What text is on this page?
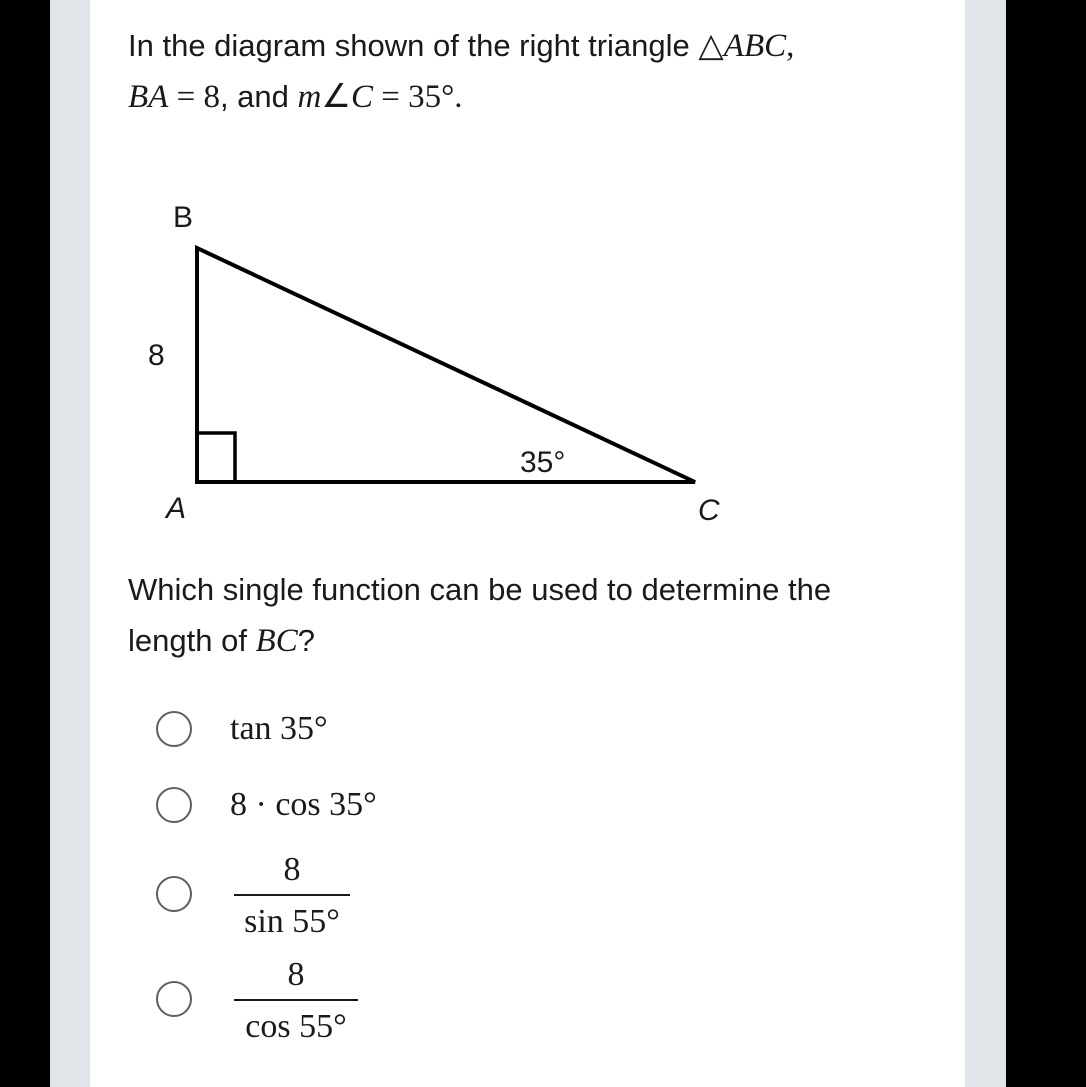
In the diagram shown of the right triangle △ABC,
BA = 8, and m∠C = 35°.
B
8
A
35°
C
Which single function can be used to determine the
length of BC?
tan 35°
8 · cos 35°
8
sin 55°
8
cos 55°
